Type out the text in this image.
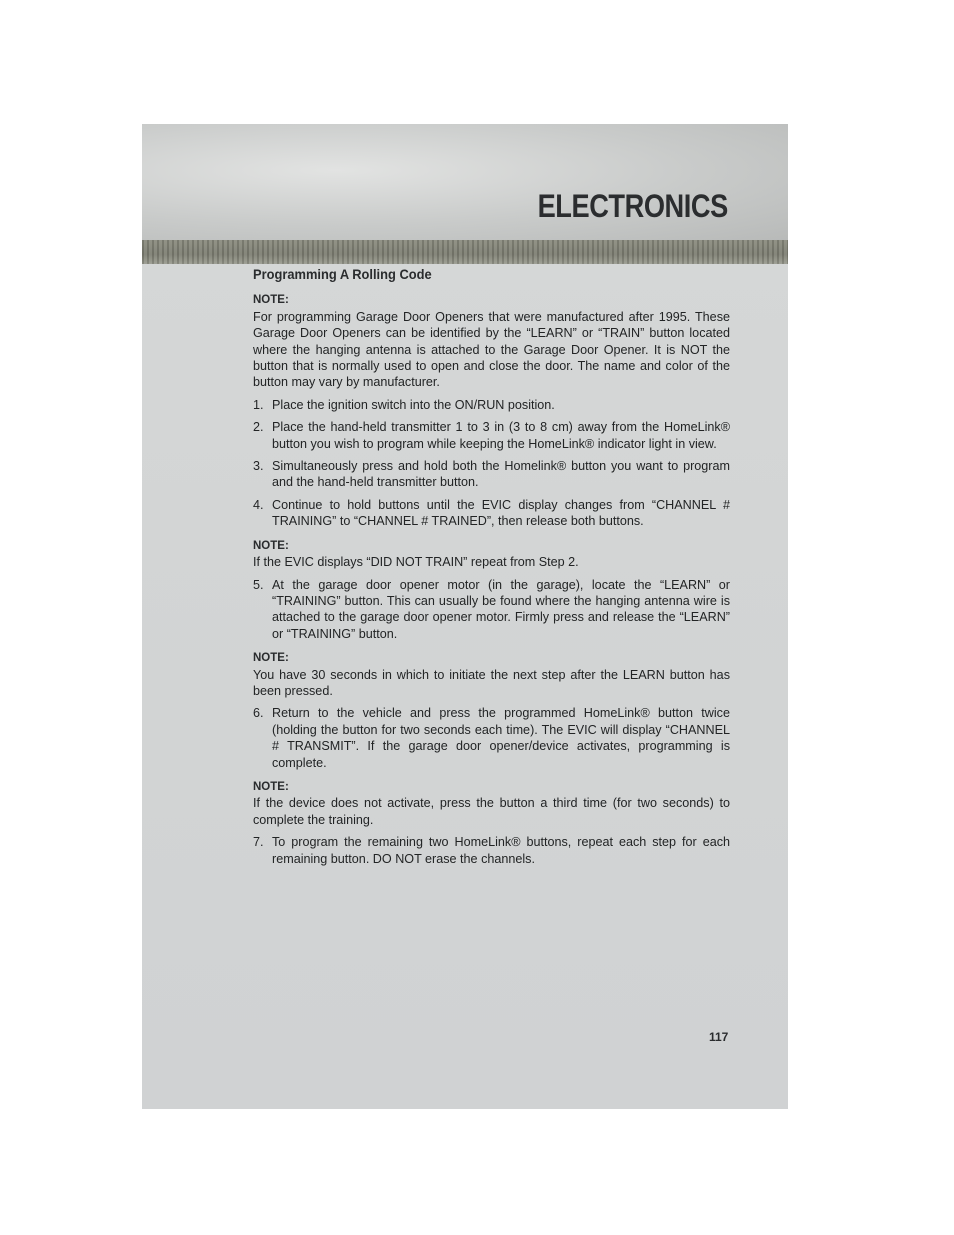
ELECTRONICS
Programming A Rolling Code
NOTE:

For programming Garage Door Openers that were manufactured after 1995. These Garage Door Openers can be identified by the “LEARN” or “TRAIN” button located where the hanging antenna is attached to the Garage Door Opener. It is NOT the button that is normally used to open and close the door. The name and color of the button may vary by manufacturer.

1. Place the ignition switch into the ON/RUN position.
2. Place the hand-held transmitter 1 to 3 in (3 to 8 cm) away from the HomeLink® button you wish to program while keeping the HomeLink® indicator light in view.
3. Simultaneously press and hold both the Homelink® button you want to program and the hand-held transmitter button.
4. Continue to hold buttons until the EVIC display changes from “CHANNEL # TRAINING” to “CHANNEL # TRAINED”, then release both buttons.
NOTE:

If the EVIC displays “DID NOT TRAIN” repeat from Step 2.

5. At the garage door opener motor (in the garage), locate the “LEARN” or “TRAINING” button. This can usually be found where the hanging antenna wire is attached to the garage door opener motor. Firmly press and release the “LEARN” or “TRAINING” button.
NOTE:

You have 30 seconds in which to initiate the next step after the LEARN button has been pressed.

6. Return to the vehicle and press the programmed HomeLink® button twice (holding the button for two seconds each time). The EVIC will display “CHANNEL # TRANSMIT”. If the garage door opener/device activates, programming is complete.
NOTE:

If the device does not activate, press the button a third time (for two seconds) to complete the training.

7. To program the remaining two HomeLink® buttons, repeat each step for each remaining button. DO NOT erase the channels.
117
